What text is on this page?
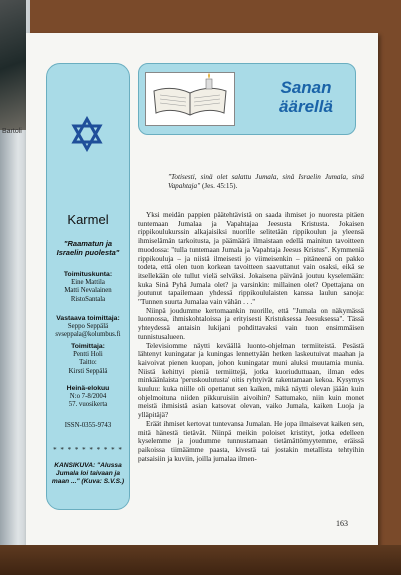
Bartoli
Karmel
"Raamatun ja Israelin puolesta"
Toimituskunta:
Eine Mattila
Matti Nevalainen
RistoSantala
Vastaava toimittaja:
Seppo Seppälä
svseppala@kolumbus.fi
Toimittaja:
Pentti Holi
Taitto:
Kirsti Seppälä
Heinä-elokuu
N:o 7-8/2004
57. vuosikerta
ISSN-0355-9743
* * * * * * * * * *
KANSIKUVA: "Alussa Jumala loi taivaan ja maan ..." (Kuva: S.V.S.)
Sanan
äärellä
"Totisesti, sinä olet salattu Jumala, sinä Israelin Jumala, sinä Vapahtaja" (Jes. 45:15).

Yksi meidän pappien päätehtävistä on saada ihmiset jo nuoresta pitäen tuntemaan Jumalaa ja Vapahtajaa Jeesusta Kristusta. Jokaisen rippikoulukurssin alkajaisiksi nuorille selitetään rippikoulun ja yleensä ihmiselämän tarkoitusta, ja päämäärä ilmaistaan edellä mainitun tavoitteen muodossa: "tulla tuntemaan Jumala ja Vapahtaja Jeesus Kristus". Kymmeniä rippikouluja – ja niistä ilmeisesti jo viimeisenkin – pitäneenä on pakko todeta, että olen tuon korkean tavoitteen saavuttanut vain osaksi, eikä se itsellekään ole tullut vielä selväksi. Jokaisena päivänä joutuu kyselemään: kuka Sinä Pyhä Jumala olet? ja varsinkin: millainen olet? Opettajana on joutunut tapailemaan yhdessä rippikoululaisten kanssa laulun sanoja: "Tunnen suurta Jumalaa vain vähän . . ."

Niinpä joudumme kertomaankin nuorille, että "Jumala on näkymässä luonnossa, ihmiskohtaloissa ja erityisesti Kristuksessa Jeesuksessa". Tässä yhteydessä antaisin lukijani pohdittavaksi vain tuon ensimmäisen tunnistusalueen.

Televisiomme näytti keväällä luonto-ohjelman termiiteistä. Pesästä lähtenyt kuningatar ja kuningas lennettyään hetken laskeutuivat maahan ja kaivoivat pienen kuopan, johon kuningatar muni aluksi muutamia munia. Niistä kehittyi pieniä termiittejä, jotka kuoriuduttuaan, ilman edes minkäänlaista 'peruskoulutusta' oitis ryhtyivät rakentamaan kekoa. Kysymys kuuluu: kuka niille oli opettanut sen kaiken, mikä näytti olevan jäään kuin ohjelmoituna niiden pikkuruisiin aivoihin? Sattumako, niin kuin monet meistä ihmisistä asian katsovat olevan, vaiko Jumala, kaiken Luoja ja ylläpitäjä?

Eräät ihmiset kertovat tuntevansa Jumalan. He jopa ilmaisevat kaiken sen, mitä hänestä tietävät. Niinpä meikin poloiset kristityt, jotka edelleen kyselemme ja joudumme tunnustamaan tietämättömyytemme, eräissä paikoissa tiimäämme paasta, kivestä tai jostakin metallista tehtyihin patsaisiin ja kuviin, joilla jumalaa ilmen-

163
